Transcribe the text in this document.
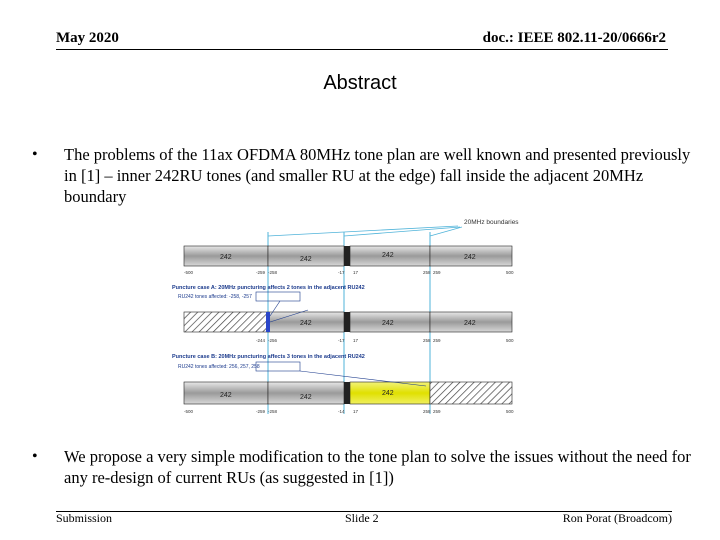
May 2020	doc.: IEEE 802.11-20/0666r2
Abstract
• The problems of the 11ax OFDMA 80MHz tone plan are well known and presented previously in [1] – inner 242RU tones (and smaller RU at the edge) fall inside the adjacent 20MHz boundary
20MHz boundaries
242	242
242	242
-500	-259 -258	-17 17	258 259	500
Puncture case A: 20MHz puncturing affects 2 tones in the adjacent RU242
RU242 tones affected: -258, -257
242	242	242
-244 -256	-17 17	258 259	500
Puncture case B: 20MHz puncturing affects 3 tones in the adjacent RU242
RU242 tones affected: 256, 257, 258
242	242
242
-500	-259 -258	-14 17	258 259	500
• We propose a very simple modification to the tone plan to solve the issues without the need for any re-design of current RUs (as suggested in [1])
Submission	Slide 2	Ron Porat (Broadcom)
